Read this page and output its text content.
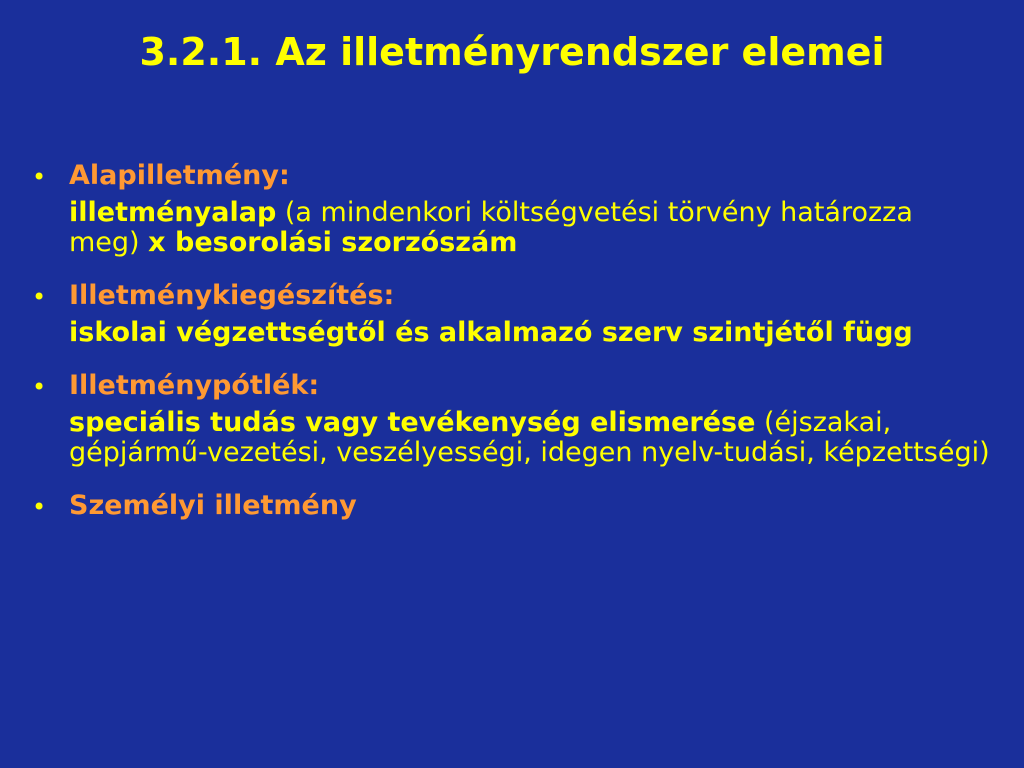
3.2.1. Az illetményrendszer elemei
• Alapilletmény:
illetményalap (a mindenkori költségvetési törvény határozza meg) x besorolási szorzószám
• Illetménykiegészítés:
iskolai végzettségtől és alkalmazó szerv szintjétől függ
• Illetménypótlék:
speciális tudás vagy tevékenység elismerése (éjszakai, gépjármű-vezetési, veszélyességi, idegen nyelv-tudási, képzettségi)
• Személyi illetmény
